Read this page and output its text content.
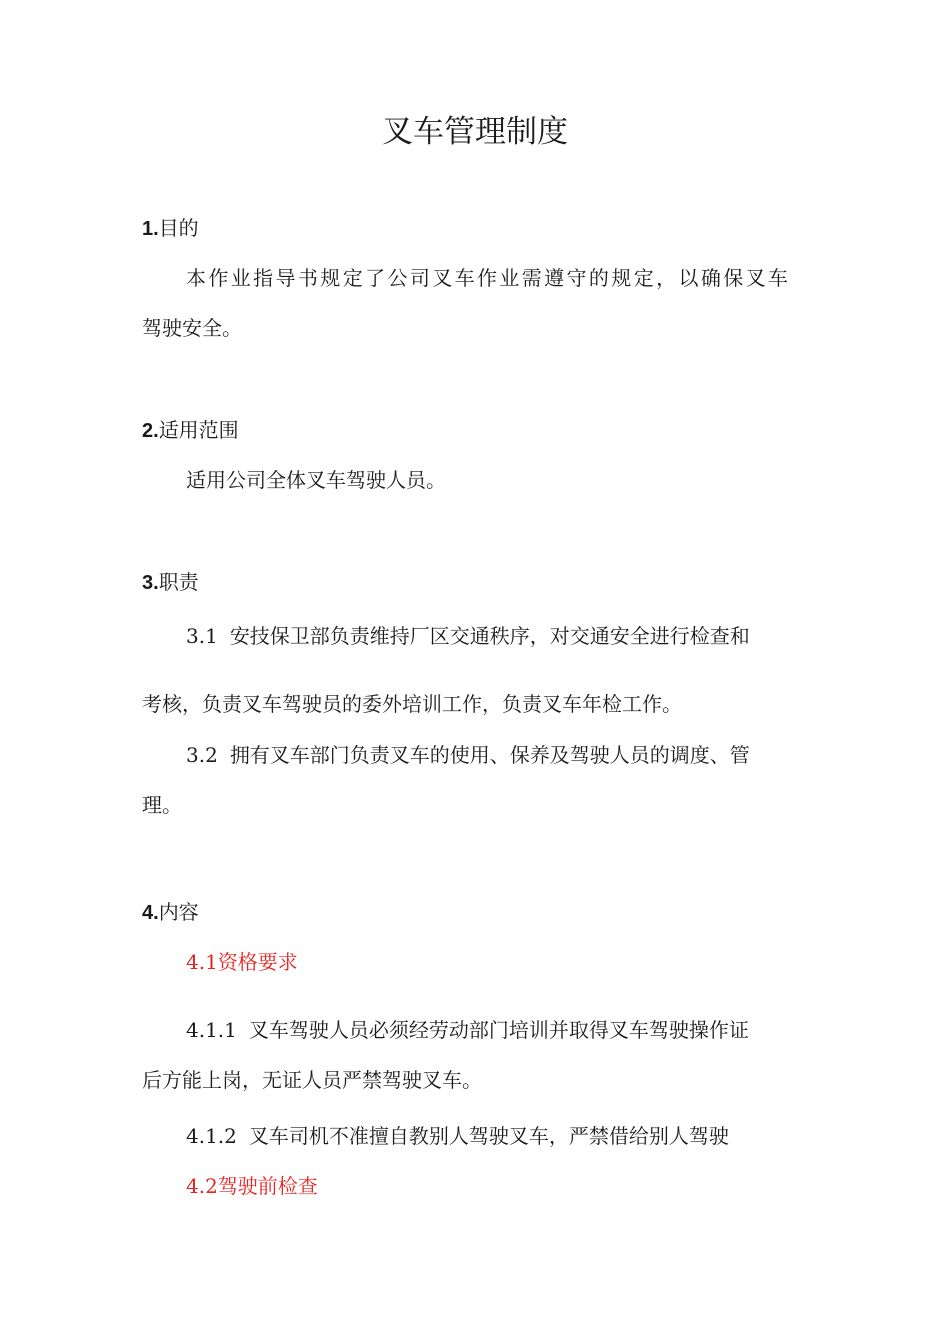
叉车管理制度
1.目的
本作业指导书规定了公司叉车作业需遵守的规定，以确保叉车
驾驶安全。
2.适用范围
适用公司全体叉车驾驶人员。
3.职责
3.1 安技保卫部负责维持厂区交通秩序，对交通安全进行检查和
考核，负责叉车驾驶员的委外培训工作，负责叉车年检工作。
3.2 拥有叉车部门负责叉车的使用、保养及驾驶人员的调度、管
理。
4.内容
4.1资格要求
4.1.1 叉车驾驶人员必须经劳动部门培训并取得叉车驾驶操作证
后方能上岗，无证人员严禁驾驶叉车。
4.1.2 叉车司机不准擅自教别人驾驶叉车，严禁借给别人驾驶
4.2驾驶前检查
